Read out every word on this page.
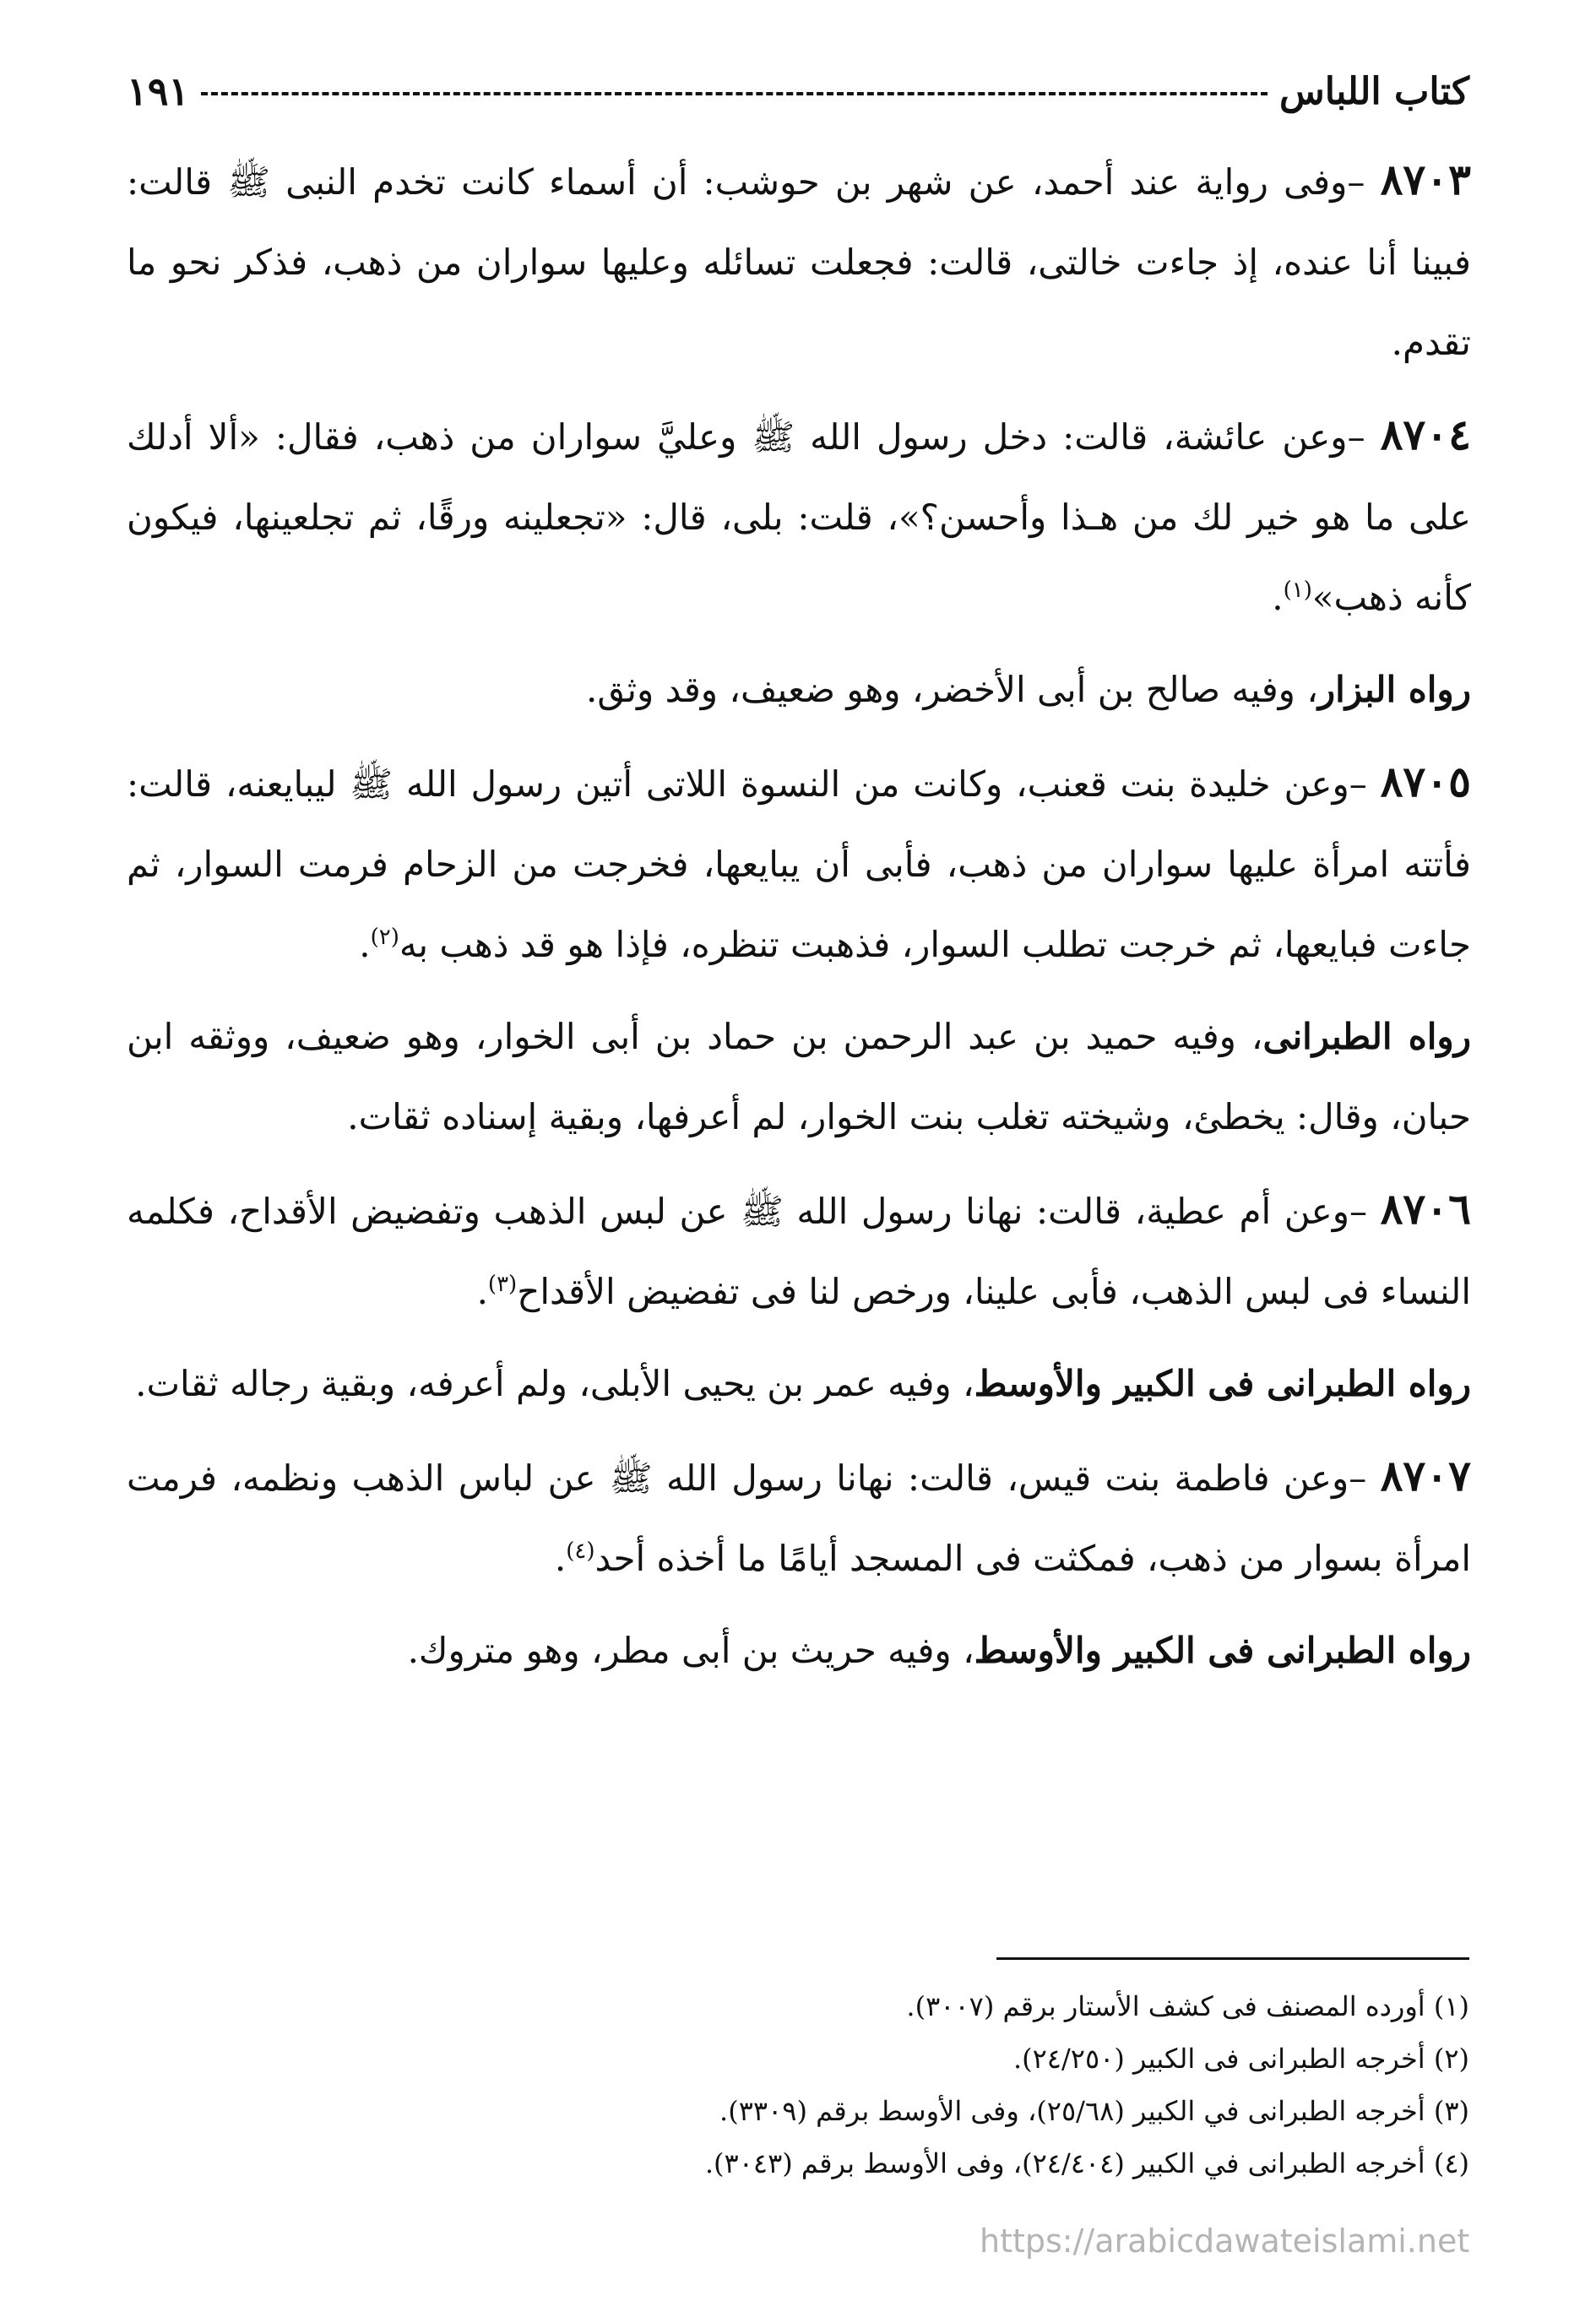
كتاب اللباس
١٩١

٨٧٠٣ –وفى رواية عند أحمد، عن شهر بن حوشب: أن أسماء كانت تخدم النبى ﷺ قالت: فبينا أنا عنده، إذ جاءت خالتى، قالت: فجعلت تسائله وعليها سواران من ذهب، فذكر نحو ما تقدم.

٨٧٠٤ –وعن عائشة، قالت: دخل رسول الله ﷺ وعليَّ سواران من ذهب، فقال: «ألا أدلك على ما هو خير لك من هـذا وأحسن؟»، قلت: بلى، قال: «تجعلينه ورقًا، ثم تجلعينها، فيكون كأنه ذهب»$^{(١)}$.

رواه البزار، وفيه صالح بن أبى الأخضر، وهو ضعيف، وقد وثق.

٨٧٠٥ –وعن خليدة بنت قعنب، وكانت من النسوة اللاتى أتين رسول الله ﷺ ليبايعنه، قالت: فأتته امرأة عليها سواران من ذهب، فأبى أن يبايعها، فخرجت من الزحام فرمت السوار، ثم جاءت فبايعها، ثم خرجت تطلب السوار، فذهبت تنظره، فإذا هو قد ذهب به$^{(٢)}$.

رواه الطبرانى، وفيه حميد بن عبد الرحمن بن حماد بن أبى الخوار، وهو ضعيف، ووثقه ابن حبان، وقال: يخطئ، وشيخته تغلب بنت الخوار، لم أعرفها، وبقية إسناده ثقات.

٨٧٠٦ –وعن أم عطية، قالت: نهانا رسول الله ﷺ عن لبس الذهب وتفضيض الأقداح، فكلمه النساء فى لبس الذهب، فأبى علينا، ورخص لنا فى تفضيض الأقداح$^{(٣)}$.

رواه الطبرانى فى الكبير والأوسط، وفيه عمر بن يحيى الأبلى، ولم أعرفه، وبقية رجاله ثقات.

٨٧٠٧ –وعن فاطمة بنت قيس، قالت: نهانا رسول الله ﷺ عن لباس الذهب ونظمه، فرمت امرأة بسوار من ذهب، فمكثت فى المسجد أيامًا ما أخذه أحد$^{(٤)}$.

رواه الطبرانى فى الكبير والأوسط، وفيه حريث بن أبى مطر، وهو متروك.

(١) أورده المصنف فى كشف الأستار برقم (٣٠٠٧).
(٢) أخرجه الطبرانى فى الكبير (٢٤/٢٥٠).
(٣) أخرجه الطبرانى في الكبير (٢٥/٦٨)، وفى الأوسط برقم (٣٣٠٩).
(٤) أخرجه الطبرانى في الكبير (٢٤/٤٠٤)، وفى الأوسط برقم (٣٠٤٣).
https://arabicdawateislami.net
